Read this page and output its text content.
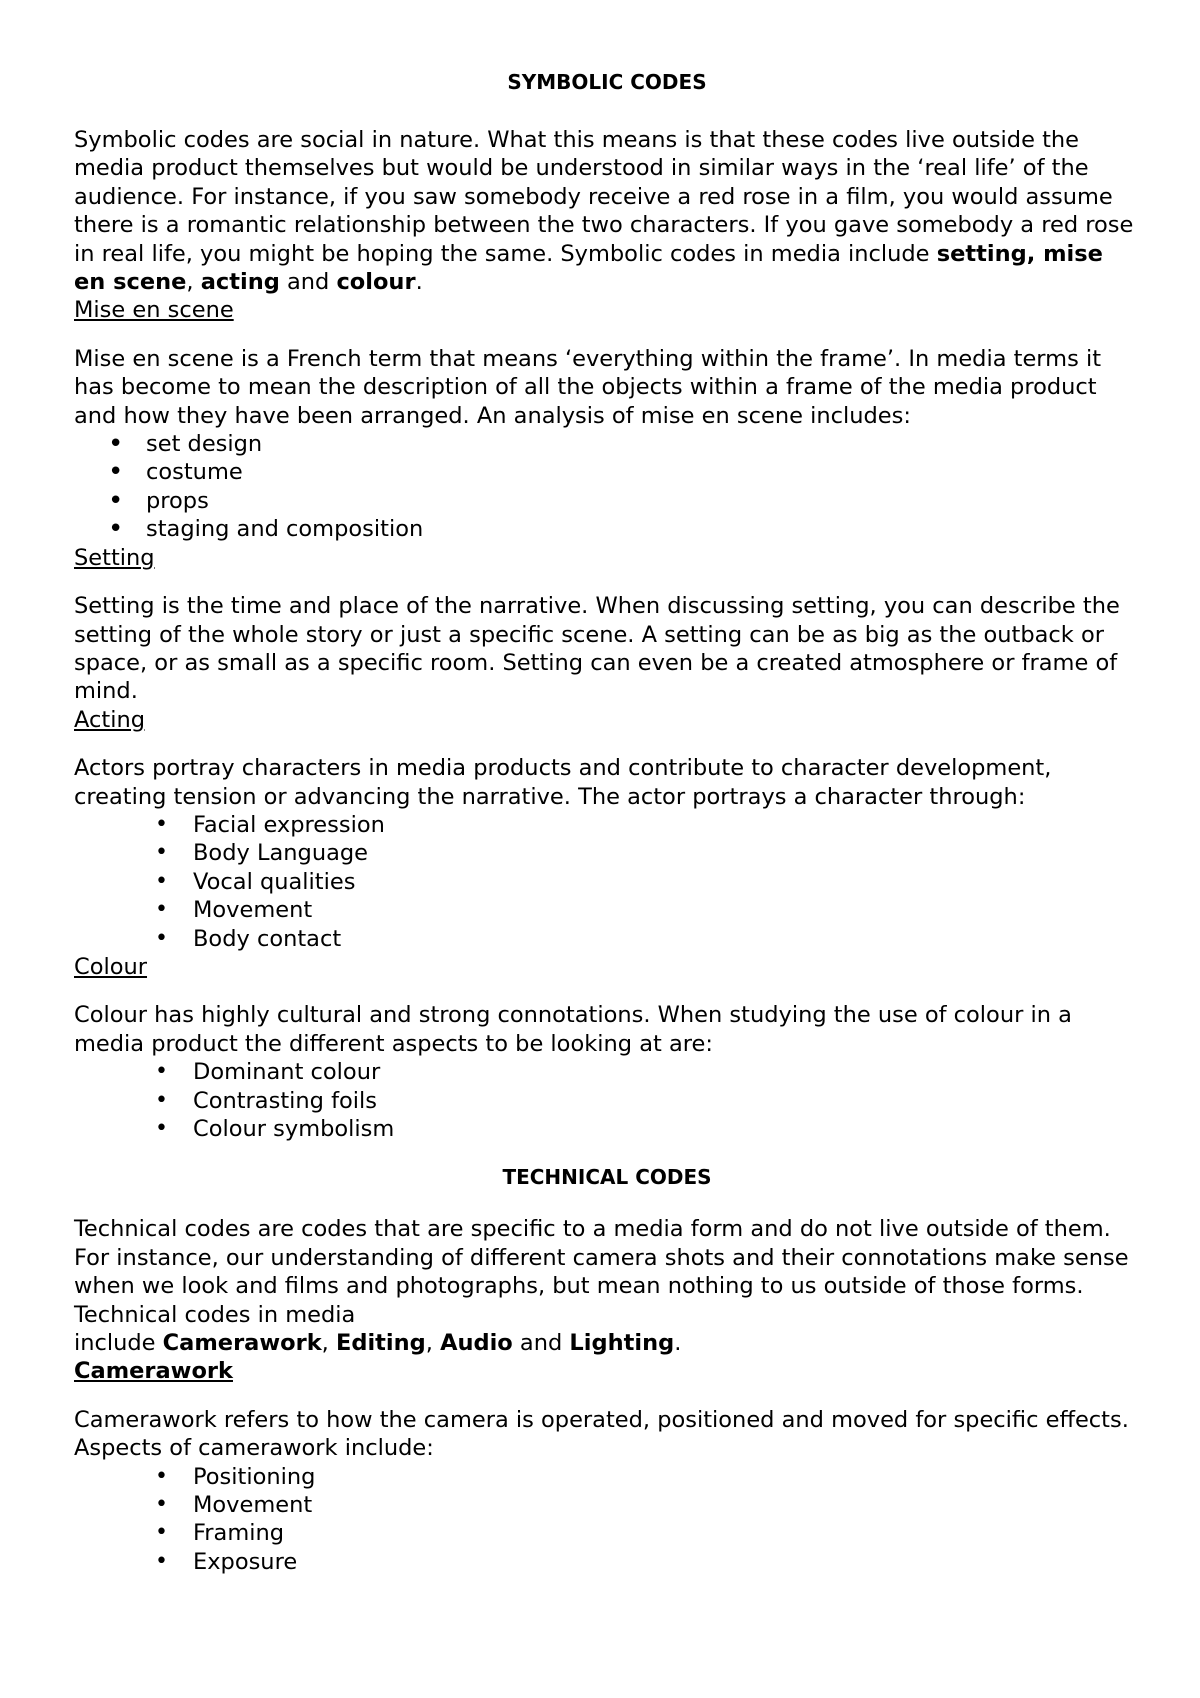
SYMBOLIC CODES

Symbolic codes are social in nature. What this means is that these codes live outside the media product themselves but would be understood in similar ways in the ‘real life’ of the audience. For instance, if you saw somebody receive a red rose in a film, you would assume there is a romantic relationship between the two characters. If you gave somebody a red rose in real life, you might be hoping the same. Symbolic codes in media include setting, mise en scene, acting and colour.

Mise en scene

Mise en scene is a French term that means ‘everything within the frame’. In media terms it has become to mean the description of all the objects within a frame of the media product and how they have been arranged. An analysis of mise en scene includes:

• set design
• costume
• props
• staging and composition
Setting

Setting is the time and place of the narrative. When discussing setting, you can describe the setting of the whole story or just a specific scene. A setting can be as big as the outback or space, or as small as a specific room. Setting can even be a created atmosphere or frame of mind.

Acting

Actors portray characters in media products and contribute to character development, creating tension or advancing the narrative. The actor portrays a character through:

• Facial expression
• Body Language
• Vocal qualities
• Movement
• Body contact
Colour

Colour has highly cultural and strong connotations. When studying the use of colour in a media product the different aspects to be looking at are:

• Dominant colour
• Contrasting foils
• Colour symbolism
TECHNICAL CODES

Technical codes are codes that are specific to a media form and do not live outside of them. For instance, our understanding of different camera shots and their connotations make sense when we look and films and photographs, but mean nothing to us outside of those forms. Technical codes in media

include Camerawork, Editing, Audio and Lighting.

Camerawork

Camerawork refers to how the camera is operated, positioned and moved for specific effects. Aspects of camerawork include:

• Positioning
• Movement
• Framing
• Exposure
